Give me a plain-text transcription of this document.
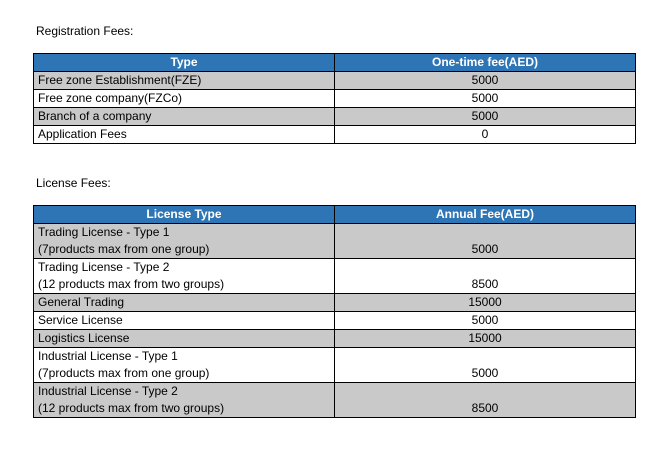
Registration Fees:
Type	One-time fee(AED)
Free zone Establishment(FZE)	5000
Free zone company(FZCo)	5000
Branch of a company	5000
Application Fees	0
License Fees:
License Type	Annual Fee(AED)

Trading License - Type 1
(7products max from one group)	5000

Trading License - Type 2
(12 products max from two groups)	8500
General Trading	15000
Service License	5000
Logistics License	15000

Industrial License - Type 1
(7products max from one group)	5000

Industrial License - Type 2
(12 products max from two groups)	8500
